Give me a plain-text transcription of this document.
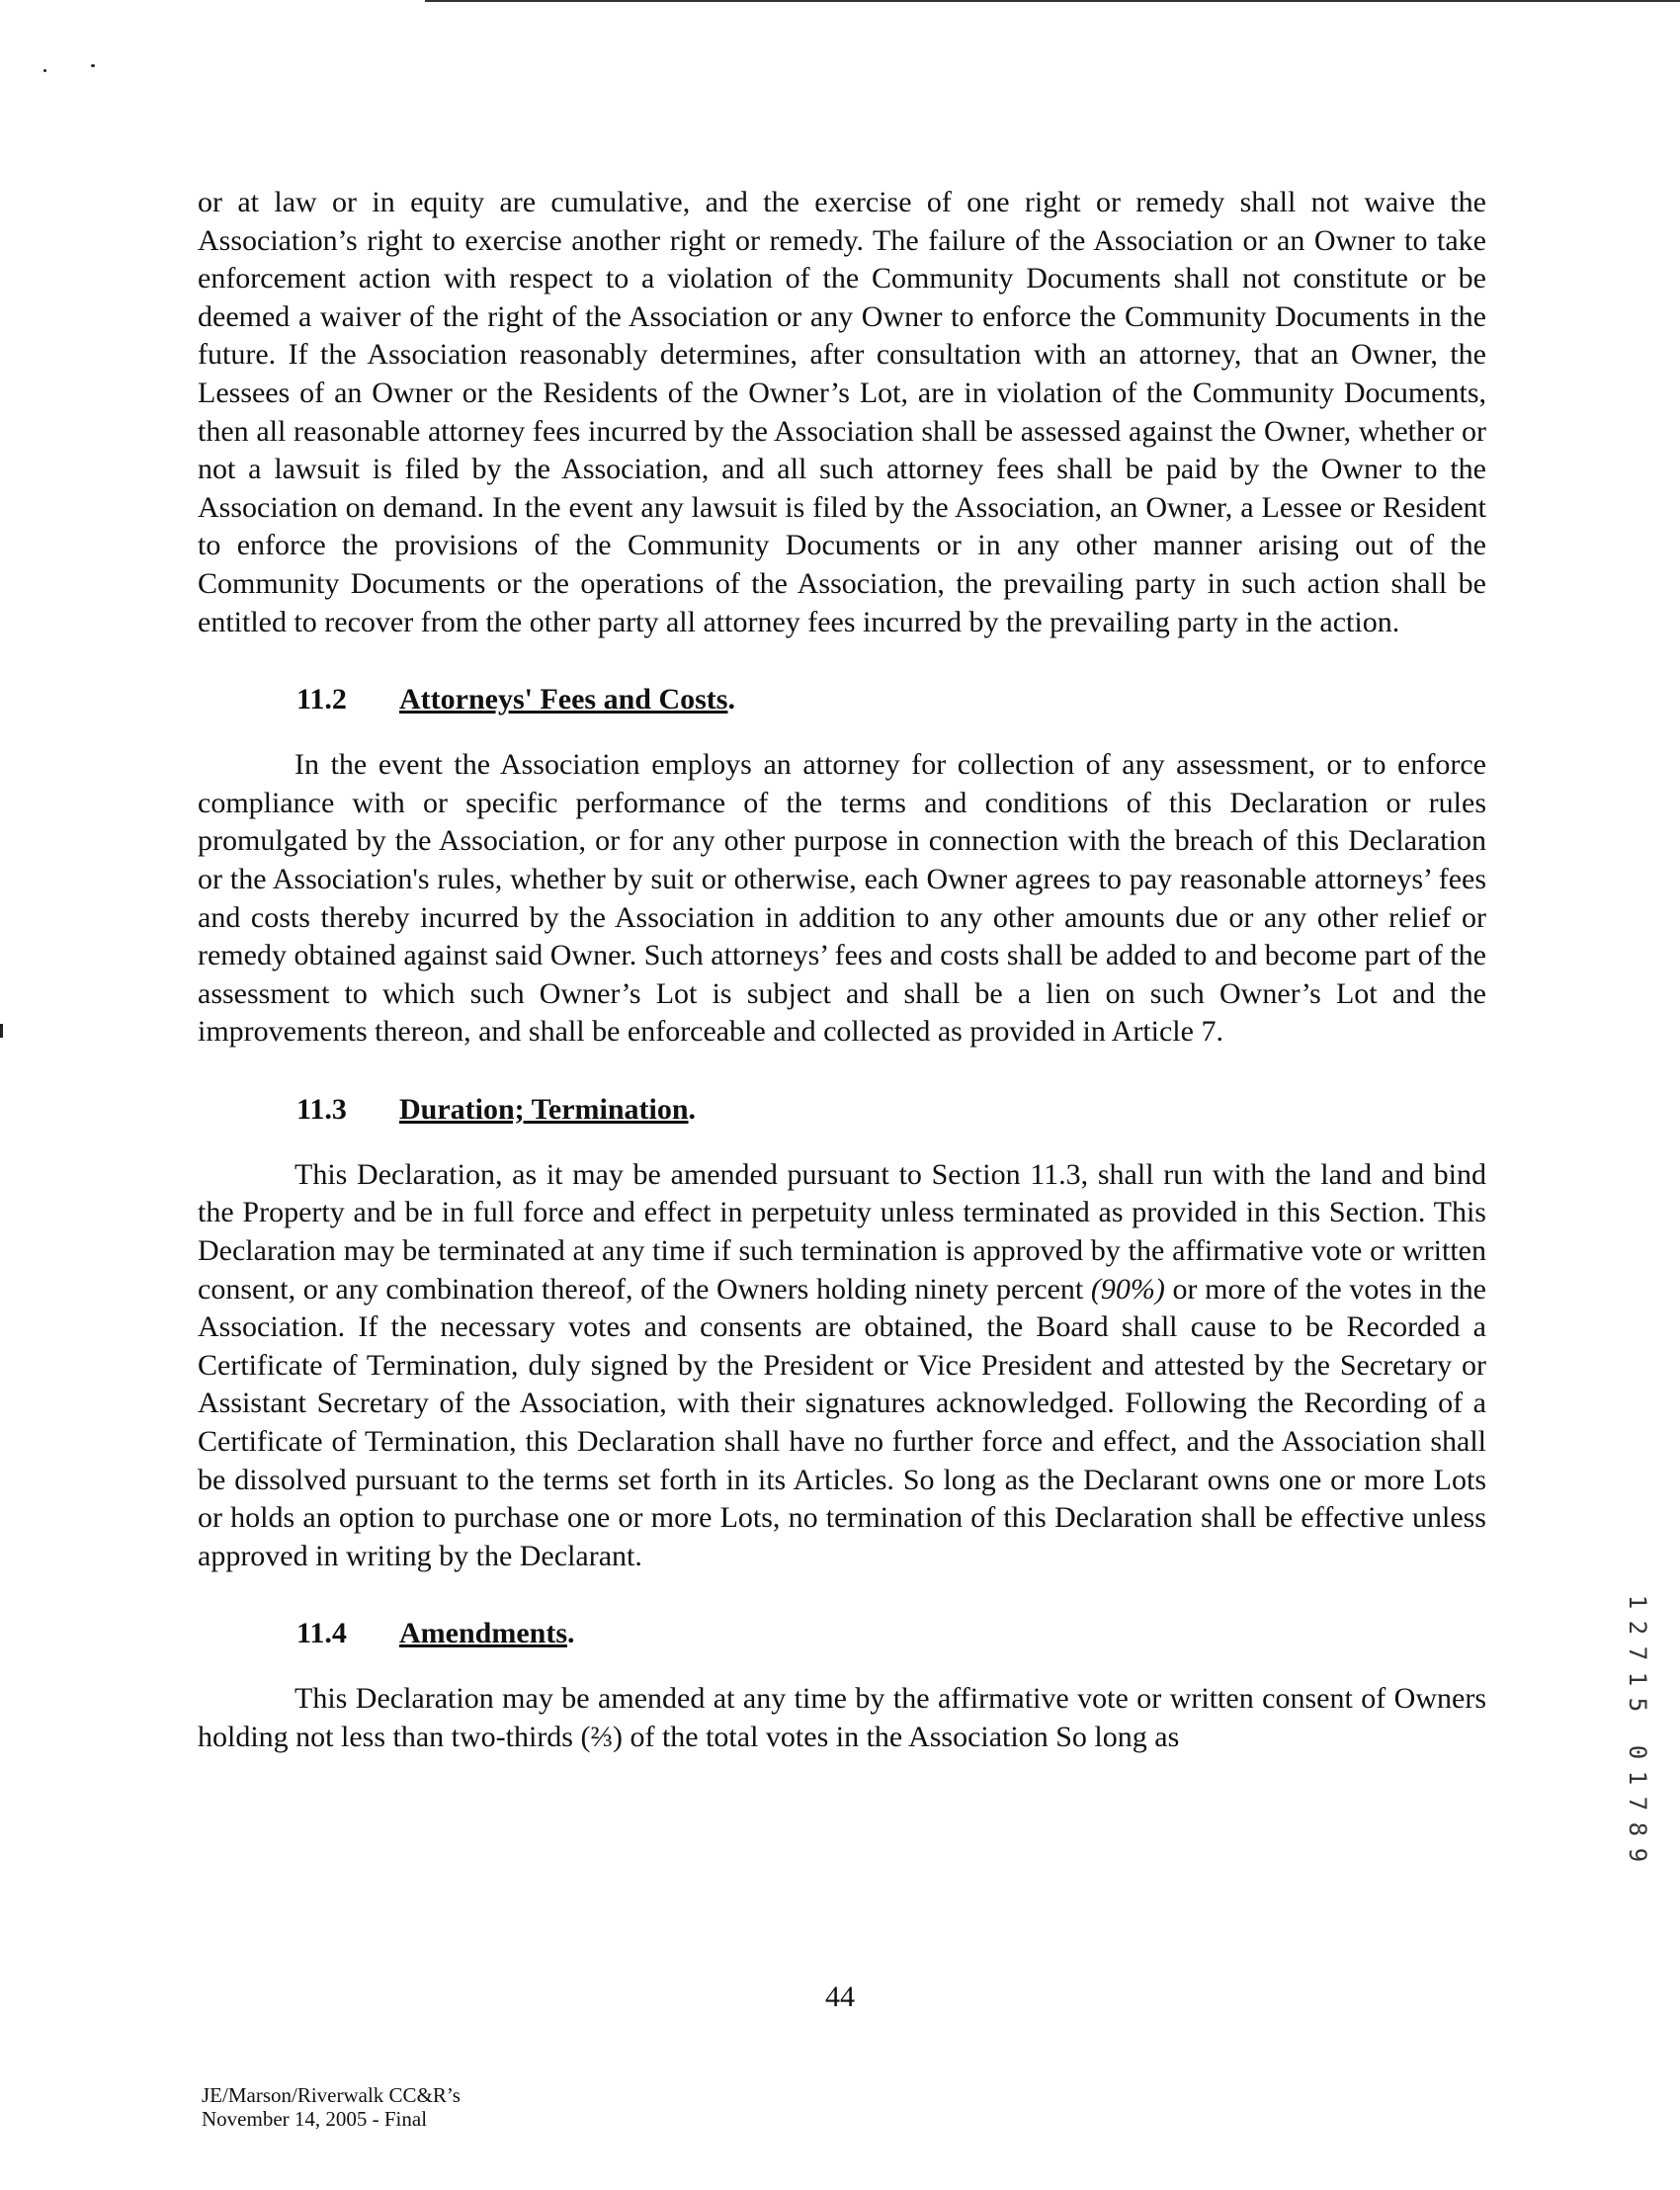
or at law or in equity are cumulative, and the exercise of one right or remedy shall not waive the Association’s right to exercise another right or remedy. The failure of the Association or an Owner to take enforcement action with respect to a violation of the Community Documents shall not constitute or be deemed a waiver of the right of the Association or any Owner to enforce the Community Documents in the future. If the Association reasonably determines, after consultation with an attorney, that an Owner, the Lessees of an Owner or the Residents of the Owner’s Lot, are in violation of the Community Documents, then all reasonable attorney fees incurred by the Association shall be assessed against the Owner, whether or not a lawsuit is filed by the Association, and all such attorney fees shall be paid by the Owner to the Association on demand. In the event any lawsuit is filed by the Association, an Owner, a Lessee or Resident to enforce the provisions of the Community Documents or in any other manner arising out of the Community Documents or the operations of the Association, the prevailing party in such action shall be entitled to recover from the other party all attorney fees incurred by the prevailing party in the action.

11.2 Attorneys' Fees and Costs.

In the event the Association employs an attorney for collection of any assessment, or to enforce compliance with or specific performance of the terms and conditions of this Declaration or rules promulgated by the Association, or for any other purpose in connection with the breach of this Declaration or the Association's rules, whether by suit or otherwise, each Owner agrees to pay reasonable attorneys’ fees and costs thereby incurred by the Association in addition to any other amounts due or any other relief or remedy obtained against said Owner. Such attorneys’ fees and costs shall be added to and become part of the assessment to which such Owner’s Lot is subject and shall be a lien on such Owner’s Lot and the improvements thereon, and shall be enforceable and collected as provided in Article 7.

11.3 Duration; Termination.

This Declaration, as it may be amended pursuant to Section 11.3, shall run with the land and bind the Property and be in full force and effect in perpetuity unless terminated as provided in this Section. This Declaration may be terminated at any time if such termination is approved by the affirmative vote or written consent, or any combination thereof, of the Owners holding ninety percent (90%) or more of the votes in the Association. If the necessary votes and consents are obtained, the Board shall cause to be Recorded a Certificate of Termination, duly signed by the President or Vice President and attested by the Secretary or Assistant Secretary of the Association, with their signatures acknowledged. Following the Recording of a Certificate of Termination, this Declaration shall have no further force and effect, and the Association shall be dissolved pursuant to the terms set forth in its Articles. So long as the Declarant owns one or more Lots or holds an option to purchase one or more Lots, no termination of this Declaration shall be effective unless approved in writing by the Declarant.

11.4 Amendments.

This Declaration may be amended at any time by the affirmative vote or written consent of Owners holding not less than two-thirds (⅔) of the total votes in the Association So long as

44
JE/Marson/Riverwalk CC&R’s
November 14, 2005 - Final
1
2
7
1
5
0
1
7
8
9
